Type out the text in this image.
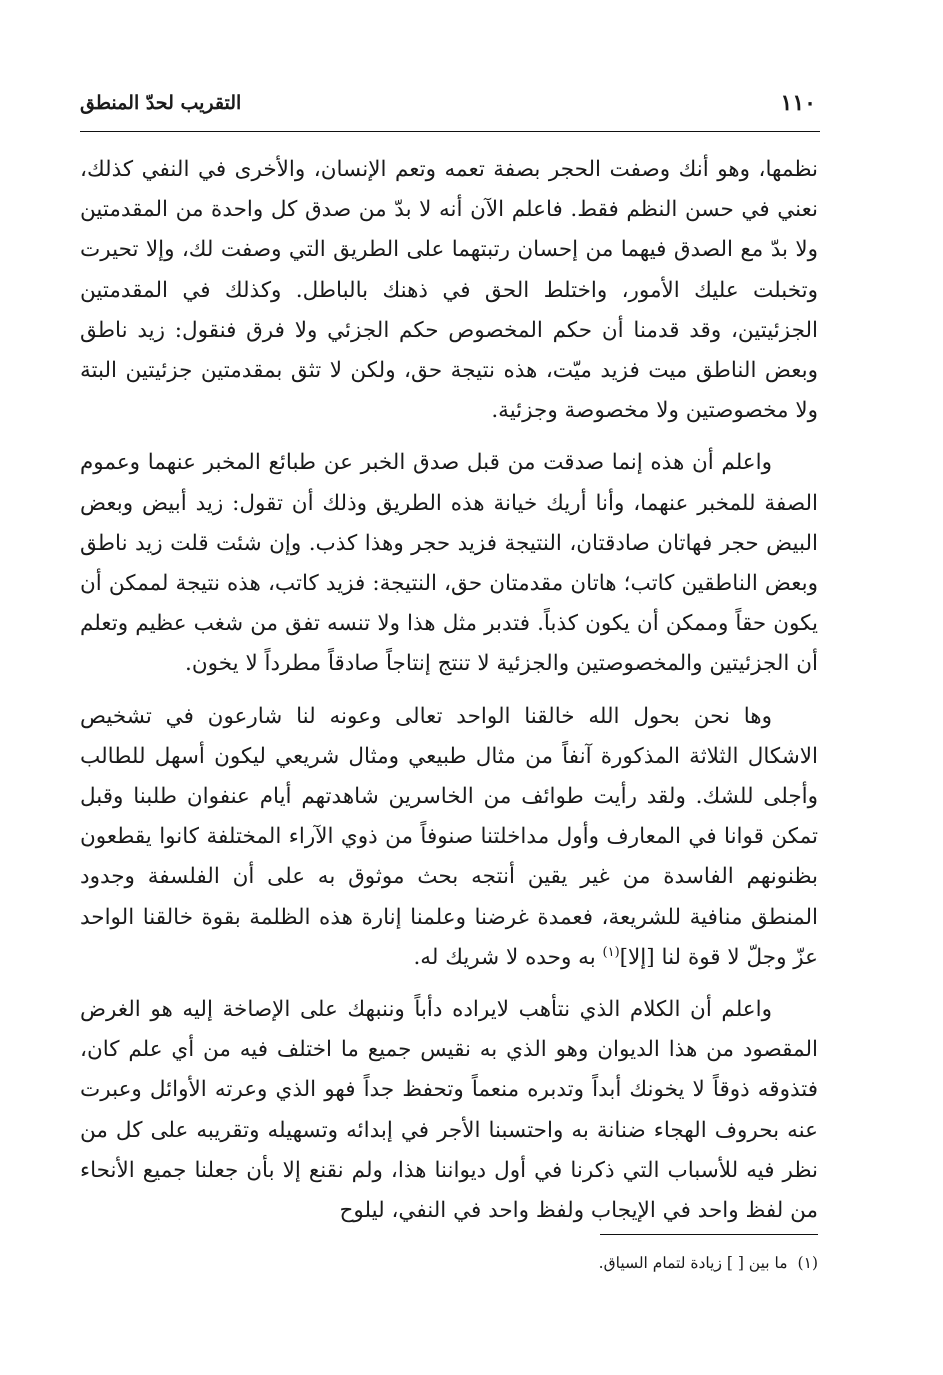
١١٠
التقريب لحدّ المنطق

نظمها، وهو أنك وصفت الحجر بصفة تعمه وتعم الإنسان، والأخرى في النفي كذلك، نعني في حسن النظم فقط. فاعلم الآن أنه لا بدّ من صدق كل واحدة من المقدمتين ولا بدّ مع الصدق فيهما من إحسان رتبتهما على الطريق التي وصفت لك، وإلا تحيرت وتخبلت عليك الأمور، واختلط الحق في ذهنك بالباطل. وكذلك في المقدمتين الجزئيتين، وقد قدمنا أن حكم المخصوص حكم الجزئي ولا فرق فنقول: زيد ناطق وبعض الناطق ميت فزيد ميّت، هذه نتيجة حق، ولكن لا تثق بمقدمتين جزئيتين البتة ولا مخصوصتين ولا مخصوصة وجزئية.

واعلم أن هذه إنما صدقت من قبل صدق الخبر عن طبائع المخبر عنهما وعموم الصفة للمخبر عنهما، وأنا أريك خيانة هذه الطريق وذلك أن تقول: زيد أبيض وبعض البيض حجر فهاتان صادقتان، النتيجة فزيد حجر وهذا كذب. وإن شئت قلت زيد ناطق وبعض الناطقين كاتب؛ هاتان مقدمتان حق، النتيجة: فزيد كاتب، هذه نتيجة لممكن أن يكون حقاً وممكن أن يكون كذباً. فتدبر مثل هذا ولا تنسه تفق من شغب عظيم وتعلم أن الجزئيتين والمخصوصتين والجزئية لا تنتج إنتاجاً صادقاً مطرداً لا يخون.

وها نحن بحول الله خالقنا الواحد تعالى وعونه لنا شارعون في تشخيص الاشكال الثلاثة المذكورة آنفاً من مثال طبيعي ومثال شريعي ليكون أسهل للطالب وأجلى للشك. ولقد رأيت طوائف من الخاسرين شاهدتهم أيام عنفوان طلبنا وقبل تمكن قوانا في المعارف وأول مداخلتنا صنوفاً من ذوي الآراء المختلفة كانوا يقطعون بظنونهم الفاسدة من غير يقين أنتجه بحث موثوق به على أن الفلسفة وجدود المنطق منافية للشريعة، فعمدة غرضنا وعلمنا إنارة هذه الظلمة بقوة خالقنا الواحد عزّ وجلّ لا قوة لنا [إلا]$^{(١)}$ به وحده لا شريك له.

واعلم أن الكلام الذي نتأهب لايراده دأباً وننبهك على الإصاخة إليه هو الغرض المقصود من هذا الديوان وهو الذي به نقيس جميع ما اختلف فيه من أي علم كان، فتذوقه ذوقاً لا يخونك أبداً وتدبره منعماً وتحفظ جداً فهو الذي وعرته الأوائل وعبرت عنه بحروف الهجاء ضنانة به واحتسبنا الأجر في إبدائه وتسهيله وتقريبه على كل من نظر فيه للأسباب التي ذكرنا في أول ديواننا هذا، ولم نقنع إلا بأن جعلنا جميع الأنحاء من لفظ واحد في الإيجاب ولفظ واحد في النفي، ليلوح

(١)ما بين [ ] زيادة لتمام السياق.
